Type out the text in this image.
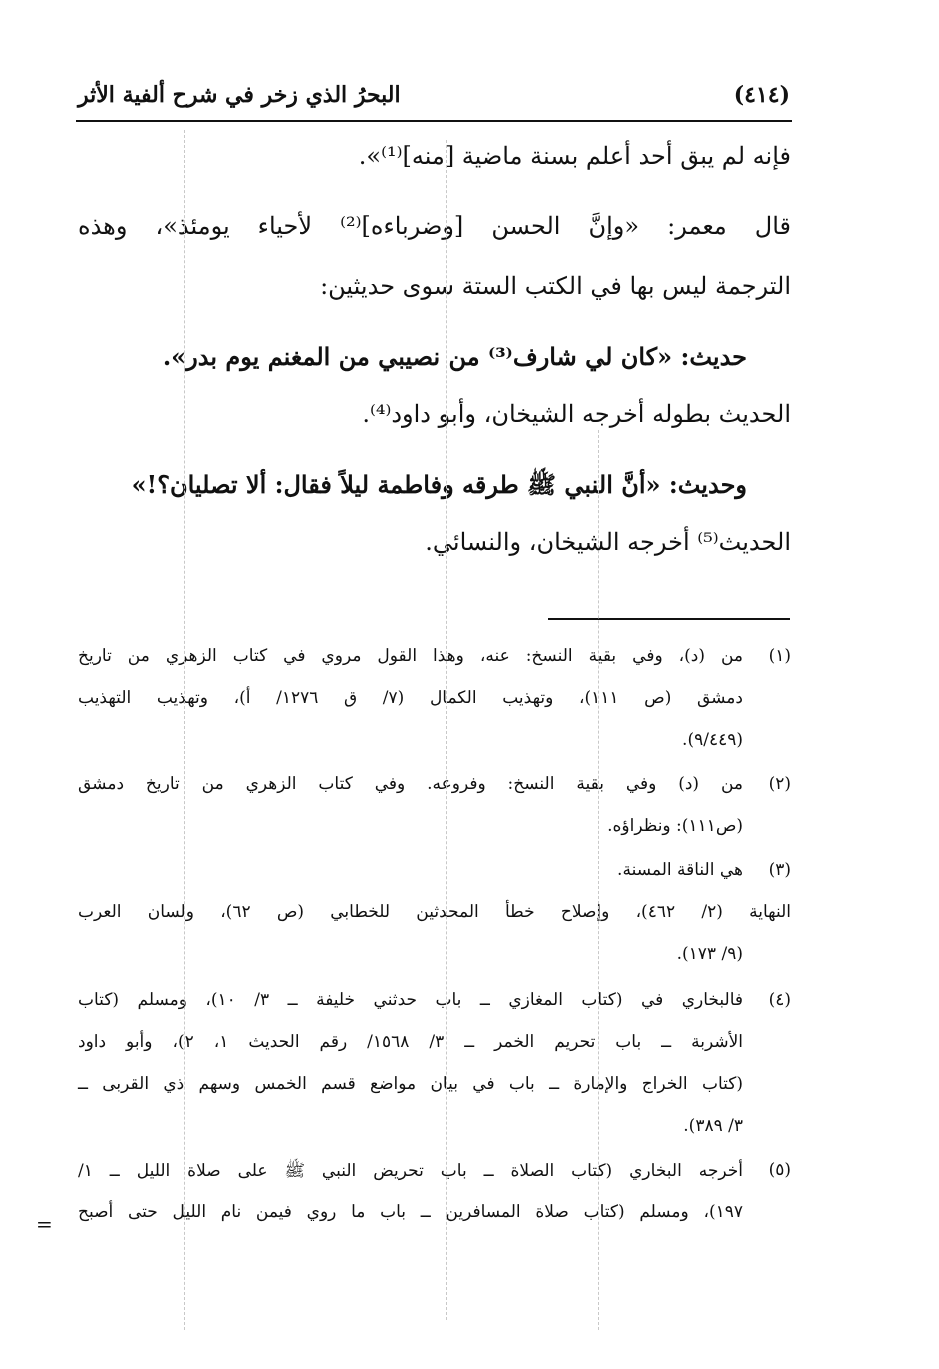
(٤١٤)
البحرُ الذي زخر في شرح ألفية الأثر
فإنه لم يبق أحد أعلم بسنة ماضية [منه]⁽¹⁾».
قال معمر: «وإنَّ الحسن [وضرباءه]⁽²⁾ لأحياء يومئذ»، وهذه
الترجمة ليس بها في الكتب الستة سوى حديثين:
حديث: «كان لي شارف⁽³⁾ من نصيبي من المغنم يوم بدر».
الحديث بطوله أخرجه الشيخان، وأبو داود⁽⁴⁾.
وحديث: «أنَّ النبي ﷺ طرقه وفاطمة ليلاً فقال: ألا تصليان؟!»
الحديث⁽⁵⁾ أخرجه الشيخان، والنسائي.
(١)
من (د)، وفي بقية النسخ: عنه، وهذا القول مروي في كتاب الزهري من تاريخ
دمشق (ص ١١١)، وتهذيب الكمال (٧/ ق ١٢٧٦/ أ)، وتهذيب التهذيب
(٩/٤٤٩).
(٢)
من (د) وفي بقية النسخ: وفروعه. وفي كتاب الزهري من تاريخ دمشق
(ص١١١): ونظراؤه.
(٣)
هي الناقة المسنة.
النهاية (٢/ ٤٦٢)، وإصلاح خطأ المحدثين للخطابي (ص ٦٢)، ولسان العرب
(٩/ ١٧٣).
(٤)
فالبخاري في (كتاب المغازي ــ باب حدثني خليفة ــ ٣/ ١٠)، ومسلم (كتاب
الأشربة ــ باب تحريم الخمر ــ ٣/ ١٥٦٨/ رقم الحديث ١، ٢)، وأبو داود
(كتاب الخراج والإمارة ــ باب في بيان مواضع قسم الخمس وسهم ذي القربى ــ
٣/ ٣٨٩).
(٥)
أخرجه البخاري (كتاب الصلاة ــ باب تحريض النبي ﷺ على صلاة الليل ــ ١/
١٩٧)، ومسلم (كتاب صلاة المسافرين ــ باب ما روي فيمن نام الليل حتى أصبح
=
